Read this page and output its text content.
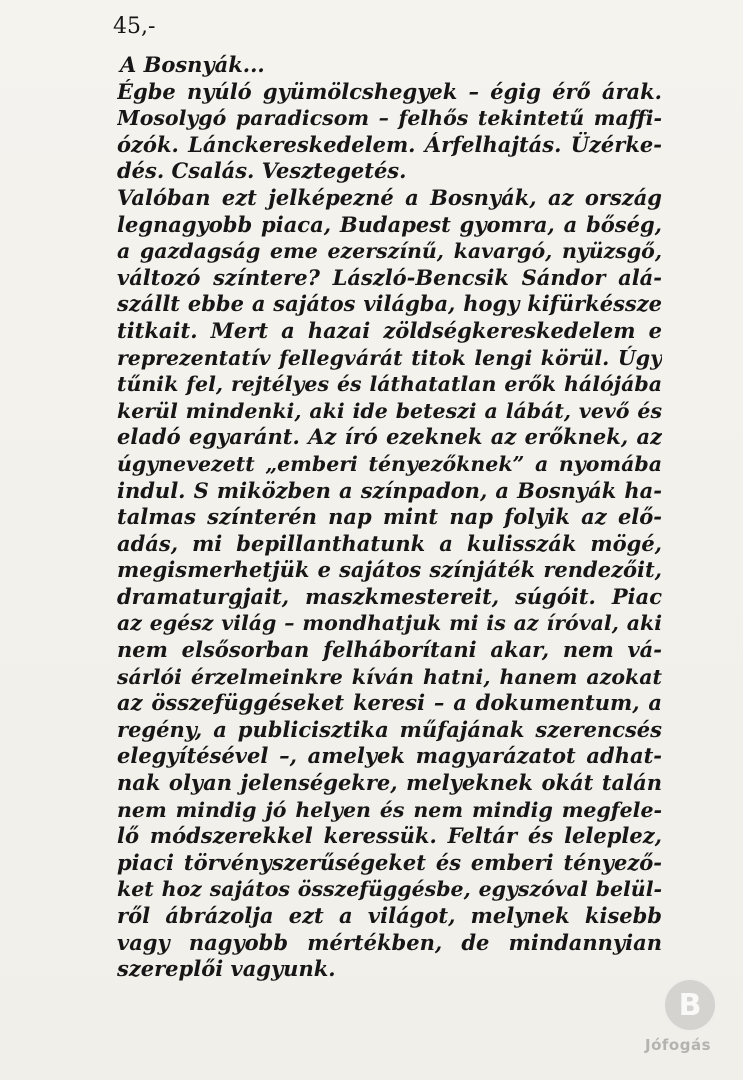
45,-
A Bosnyák...
Égbe nyúló gyümölcshegyek – égig érő árak.
Mosolygó paradicsom – felhős tekintetű maffi-
ózók. Lánckereskedelem. Árfelhajtás. Üzérke-
dés. Csalás. Vesztegetés.
Valóban ezt jelképezné a Bosnyák, az ország
legnagyobb piaca, Budapest gyomra, a bőség,
a gazdagság eme ezerszínű, kavargó, nyüzsgő,
változó színtere? László-Bencsik Sándor alá-
szállt ebbe a sajátos világba, hogy kifürkéssze
titkait. Mert a hazai zöldségkereskedelem e
reprezentatív fellegvárát titok lengi körül. Úgy
tűnik fel, rejtélyes és láthatatlan erők hálójába
kerül mindenki, aki ide beteszi a lábát, vevő és
eladó egyaránt. Az író ezeknek az erőknek, az
úgynevezett „emberi tényezőknek” a nyomába
indul. S miközben a színpadon, a Bosnyák ha-
talmas színterén nap mint nap folyik az elő-
adás, mi bepillanthatunk a kulisszák mögé,
megismerhetjük e sajátos színjáték rendezőit,
dramaturgjait, maszkmestereit, súgóit. Piac
az egész világ – mondhatjuk mi is az íróval, aki
nem elsősorban felháborítani akar, nem vá-
sárlói érzelmeinkre kíván hatni, hanem azokat
az összefüggéseket keresi – a dokumentum, a
regény, a publicisztika műfajának szerencsés
elegyítésével –, amelyek magyarázatot adhat-
nak olyan jelenségekre, melyeknek okát talán
nem mindig jó helyen és nem mindig megfele-
lő módszerekkel keressük. Feltár és leleplez,
piaci törvényszerűségeket és emberi tényező-
ket hoz sajátos összefüggésbe, egyszóval belül-
ről ábrázolja ezt a világot, melynek kisebb
vagy nagyobb mértékben, de mindannyian
szereplői vagyunk.
B
Jófogás
